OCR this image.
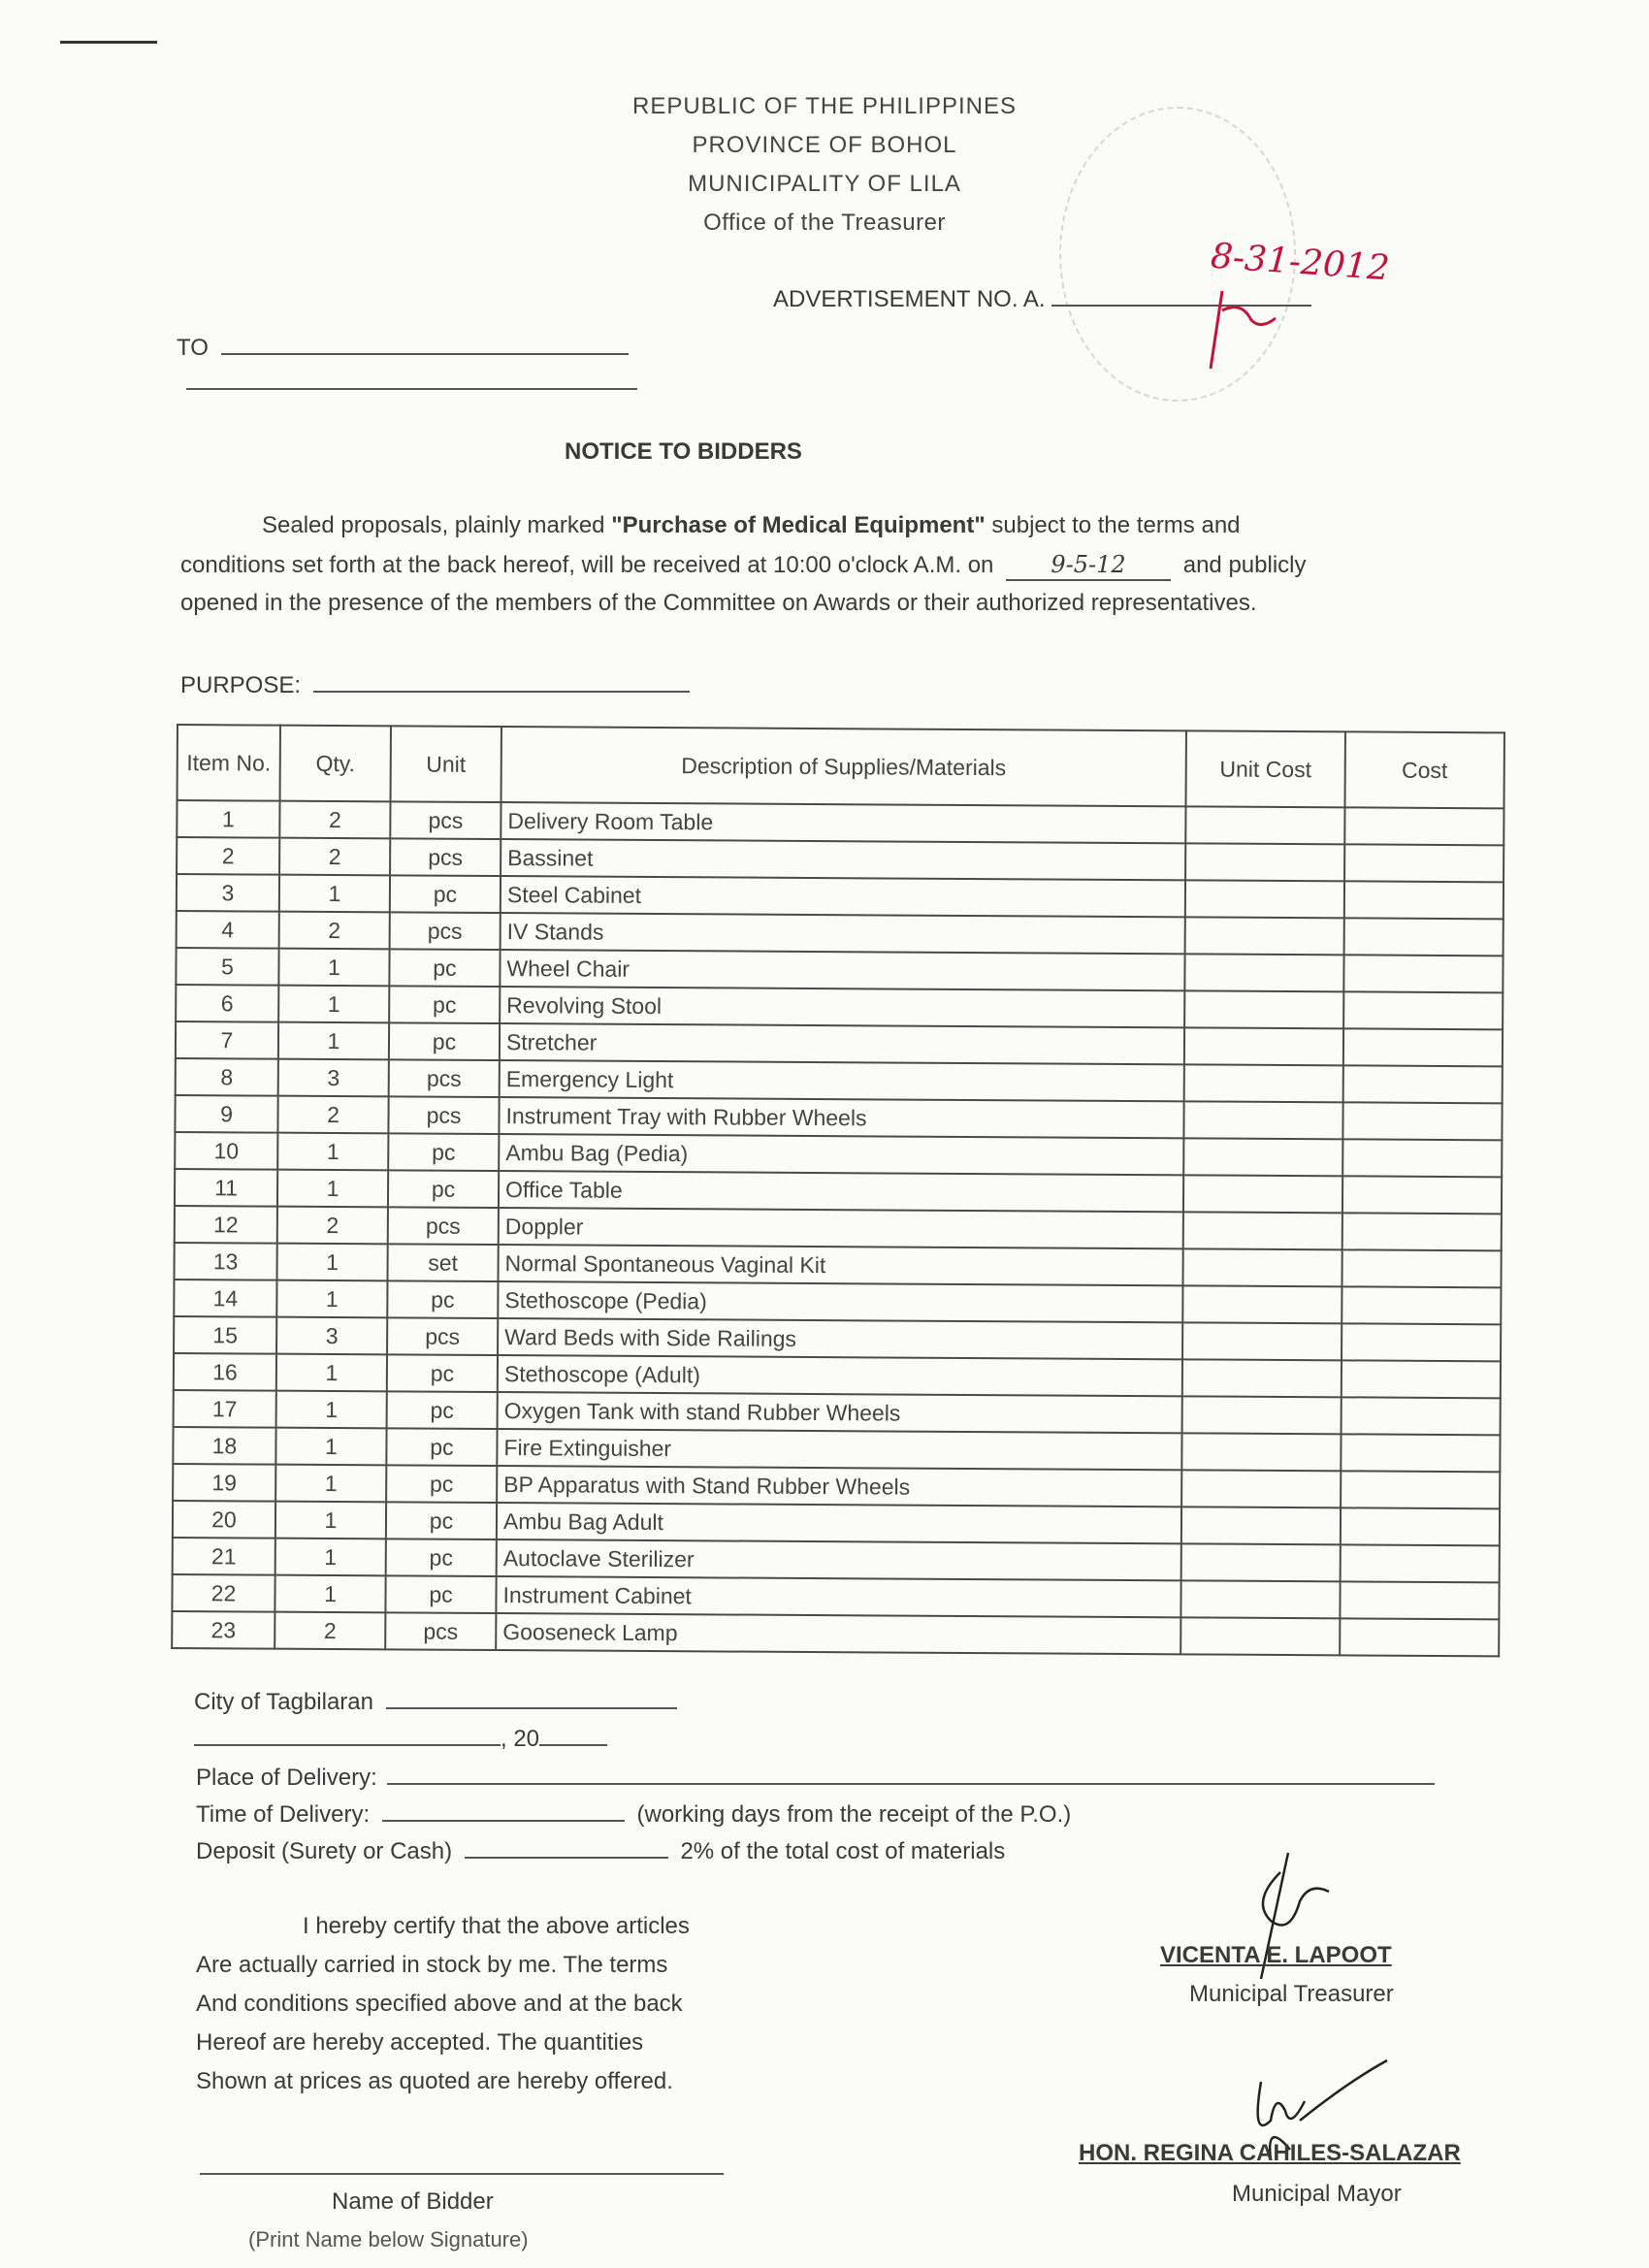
REPUBLIC OF THE PHILIPPINES
PROVINCE OF BOHOL
MUNICIPALITY OF LILA
Office of the Treasurer
ADVERTISEMENT NO. A.
8-31-2012
TO
NOTICE TO BIDDERS
Sealed proposals, plainly marked "Purchase of Medical Equipment" subject to the terms and
conditions set forth at the back hereof, will be received at 10:00 o'clock A.M. on 9-5-12 and publicly
opened in the presence of the members of the Committee on Awards or their authorized representatives.
PURPOSE:
Item No.	Qty.	Unit	Description of Supplies/Materials	Unit Cost	Cost
1	2	pcs	Delivery Room Table		
2	2	pcs	Bassinet		
3	1	pc	Steel Cabinet		
4	2	pcs	IV Stands		
5	1	pc	Wheel Chair		
6	1	pc	Revolving Stool		
7	1	pc	Stretcher		
8	3	pcs	Emergency Light		
9	2	pcs	Instrument Tray with Rubber Wheels		
10	1	pc	Ambu Bag (Pedia)		
11	1	pc	Office Table		
12	2	pcs	Doppler		
13	1	set	Normal Spontaneous Vaginal Kit		
14	1	pc	Stethoscope (Pedia)		
15	3	pcs	Ward Beds with Side Railings		
16	1	pc	Stethoscope (Adult)		
17	1	pc	Oxygen Tank with stand Rubber Wheels		
18	1	pc	Fire Extinguisher		
19	1	pc	BP Apparatus with Stand Rubber Wheels		
20	1	pc	Ambu Bag Adult		
21	1	pc	Autoclave Sterilizer		
22	1	pc	Instrument Cabinet		
23	2	pcs	Gooseneck Lamp		
City of Tagbilaran
, 20
Place of Delivery:
Time of Delivery:	(working days from the receipt of the P.O.)
Deposit (Surety or Cash)	2% of the total cost of materials
I hereby certify that the above articles
Are actually carried in stock by me. The terms
And conditions specified above and at the back
Hereof are hereby accepted. The quantities
Shown at prices as quoted are hereby offered.
Name of Bidder
(Print Name below Signature)
VICENTA E. LAPOOT
Municipal Treasurer
HON. REGINA CAHILES-SALAZAR
Municipal Mayor
